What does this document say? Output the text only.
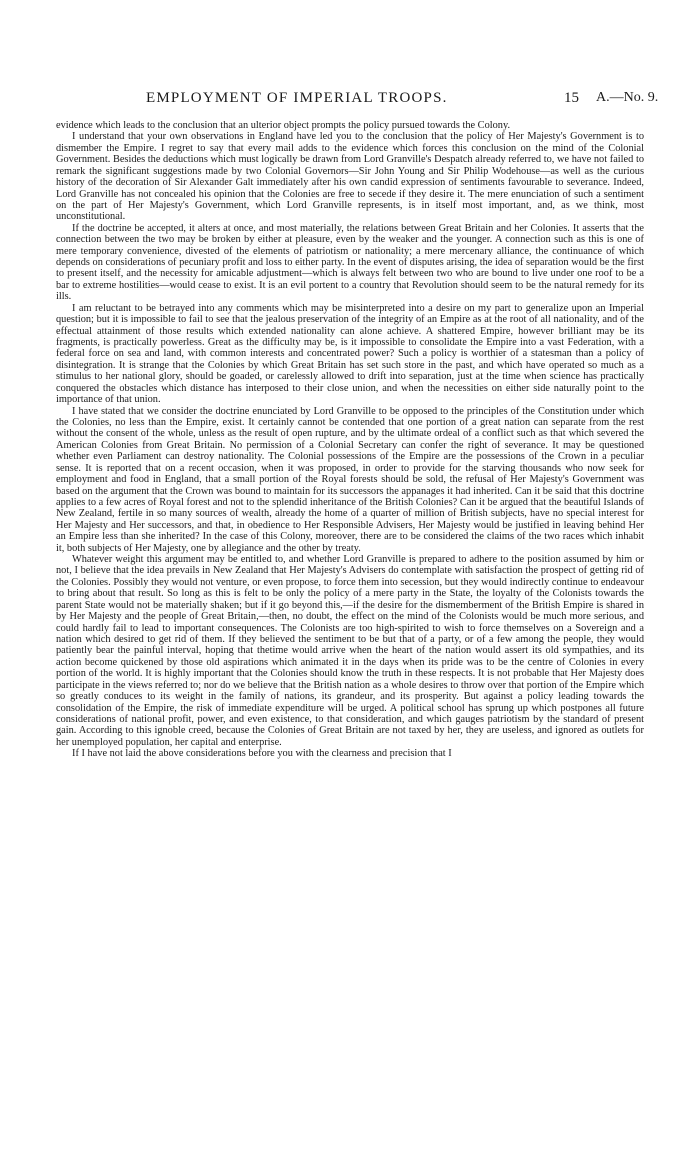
EMPLOYMENT OF IMPERIAL TROOPS.	15 A.—No. 9.

evidence which leads to the conclusion that an ulterior object prompts the policy pursued towards the Colony.

I understand that your own observations in England have led you to the conclusion that the policy of Her Majesty's Government is to dismember the Empire. I regret to say that every mail adds to the evidence which forces this conclusion on the mind of the Colonial Government. Besides the deductions which must logically be drawn from Lord Granville's Despatch already referred to, we have not failed to remark the significant suggestions made by two Colonial Governors—Sir John Young and Sir Philip Wodehouse—as well as the curious history of the decoration of Sir Alexander Galt immediately after his own candid expression of sentiments favourable to severance. Indeed, Lord Granville has not concealed his opinion that the Colonies are free to secede if they desire it. The mere enunciation of such a sentiment on the part of Her Majesty's Government, which Lord Granville represents, is in itself most important, and, as we think, most unconstitutional.

If the doctrine be accepted, it alters at once, and most materially, the relations between Great Britain and her Colonies. It asserts that the connection between the two may be broken by either at pleasure, even by the weaker and the younger. A connection such as this is one of mere temporary convenience, divested of the elements of patriotism or nationality; a mere mercenary alliance, the continuance of which depends on considerations of pecuniary profit and loss to either party. In the event of disputes arising, the idea of separation would be the first to present itself, and the necessity for amicable adjustment—which is always felt between two who are bound to live under one roof to be a bar to extreme hostilities—would cease to exist. It is an evil portent to a country that Revolution should seem to be the natural remedy for its ills.

I am reluctant to be betrayed into any comments which may be misinterpreted into a desire on my part to generalize upon an Imperial question; but it is impossible to fail to see that the jealous preservation of the integrity of an Empire as at the root of all nationality, and of the effectual attainment of those results which extended nationality can alone achieve. A shattered Empire, however brilliant may be its fragments, is practically powerless. Great as the difficulty may be, is it impossible to consolidate the Empire into a vast Federation, with a federal force on sea and land, with common interests and concentrated power? Such a policy is worthier of a statesman than a policy of disintegration. It is strange that the Colonies by which Great Britain has set such store in the past, and which have operated so much as a stimulus to her national glory, should be goaded, or carelessly allowed to drift into separation, just at the time when science has practically conquered the obstacles which distance has interposed to their close union, and when the necessities on either side naturally point to the importance of that union.

I have stated that we consider the doctrine enunciated by Lord Granville to be opposed to the principles of the Constitution under which the Colonies, no less than the Empire, exist. It certainly cannot be contended that one portion of a great nation can separate from the rest without the consent of the whole, unless as the result of open rupture, and by the ultimate ordeal of a conflict such as that which severed the American Colonies from Great Britain. No permission of a Colonial Secretary can confer the right of severance. It may be questioned whether even Parliament can destroy nationality. The Colonial possessions of the Empire are the possessions of the Crown in a peculiar sense. It is reported that on a recent occasion, when it was proposed, in order to provide for the starving thousands who now seek for employment and food in England, that a small portion of the Royal forests should be sold, the refusal of Her Majesty's Government was based on the argument that the Crown was bound to maintain for its successors the appanages it had inherited. Can it be said that this doctrine applies to a few acres of Royal forest and not to the splendid inheritance of the British Colonies? Can it be argued that the beautiful Islands of New Zealand, fertile in so many sources of wealth, already the home of a quarter of million of British subjects, have no special interest for Her Majesty and Her successors, and that, in obedience to Her Responsible Advisers, Her Majesty would be justified in leaving behind Her an Empire less than she inherited? In the case of this Colony, moreover, there are to be considered the claims of the two races which inhabit it, both subjects of Her Majesty, one by allegiance and the other by treaty.

Whatever weight this argument may be entitled to, and whether Lord Granville is prepared to adhere to the position assumed by him or not, I believe that the idea prevails in New Zealand that Her Majesty's Advisers do contemplate with satisfaction the prospect of getting rid of the Colonies. Possibly they would not venture, or even propose, to force them into secession, but they would indirectly continue to endeavour to bring about that result. So long as this is felt to be only the policy of a mere party in the State, the loyalty of the Colonists towards the parent State would not be materially shaken; but if it go beyond this,—if the desire for the dismemberment of the British Empire is shared in by Her Majesty and the people of Great Britain,—then, no doubt, the effect on the mind of the Colonists would be much more serious, and could hardly fail to lead to important consequences. The Colonists are too high-spirited to wish to force themselves on a Sovereign and a nation which desired to get rid of them. If they believed the sentiment to be but that of a party, or of a few among the people, they would patiently bear the painful interval, hoping that thetime would arrive when the heart of the nation would assert its old sympathies, and its action become quickened by those old aspirations which animated it in the days when its pride was to be the centre of Colonies in every portion of the world. It is highly important that the Colonies should know the truth in these respects. It is not probable that Her Majesty does participate in the views referred to; nor do we believe that the British nation as a whole desires to throw over that portion of the Empire which so greatly conduces to its weight in the family of nations, its grandeur, and its prosperity. But against a policy leading towards the consolidation of the Empire, the risk of immediate expenditure will be urged. A political school has sprung up which postpones all future considerations of national profit, power, and even existence, to that consideration, and which gauges patriotism by the standard of present gain. According to this ignoble creed, because the Colonies of Great Britain are not taxed by her, they are useless, and ignored as outlets for her unemployed population, her capital and enterprise.

If I have not laid the above considerations before you with the clearness and precision that I
